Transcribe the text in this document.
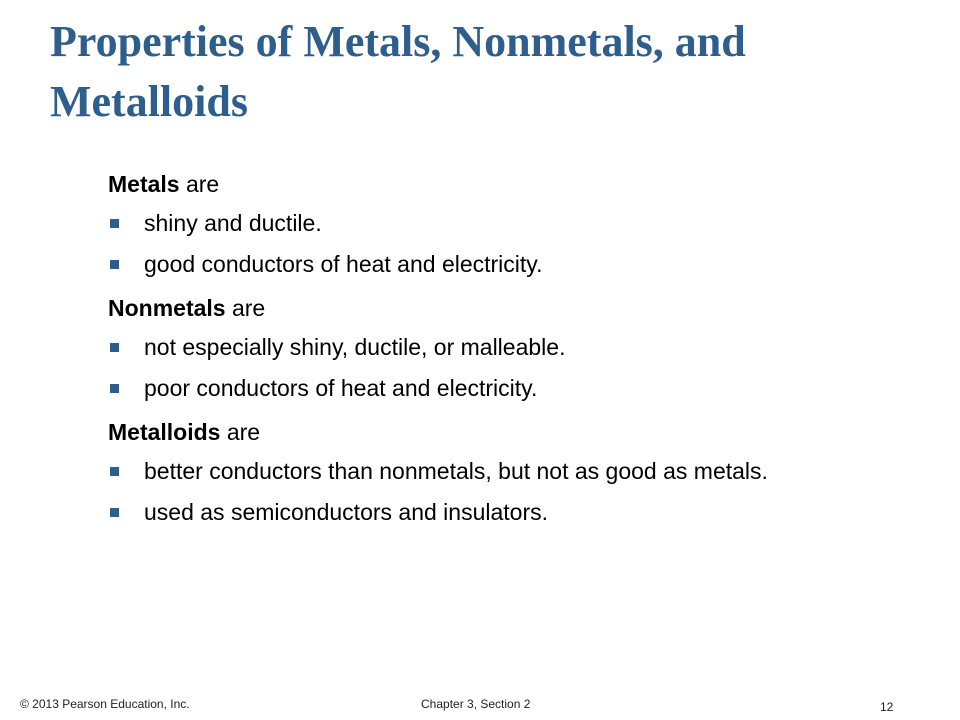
Properties of Metals, Nonmetals, and Metalloids

Metals are

shiny and ductile.
good conductors of heat and electricity.

Nonmetals are

not especially shiny, ductile, or malleable.
poor conductors of heat and electricity.

Metalloids are

better conductors than nonmetals, but not as good as metals.
used as semiconductors and insulators.
© 2013 Pearson Education, Inc.	Chapter 3, Section 2	12
